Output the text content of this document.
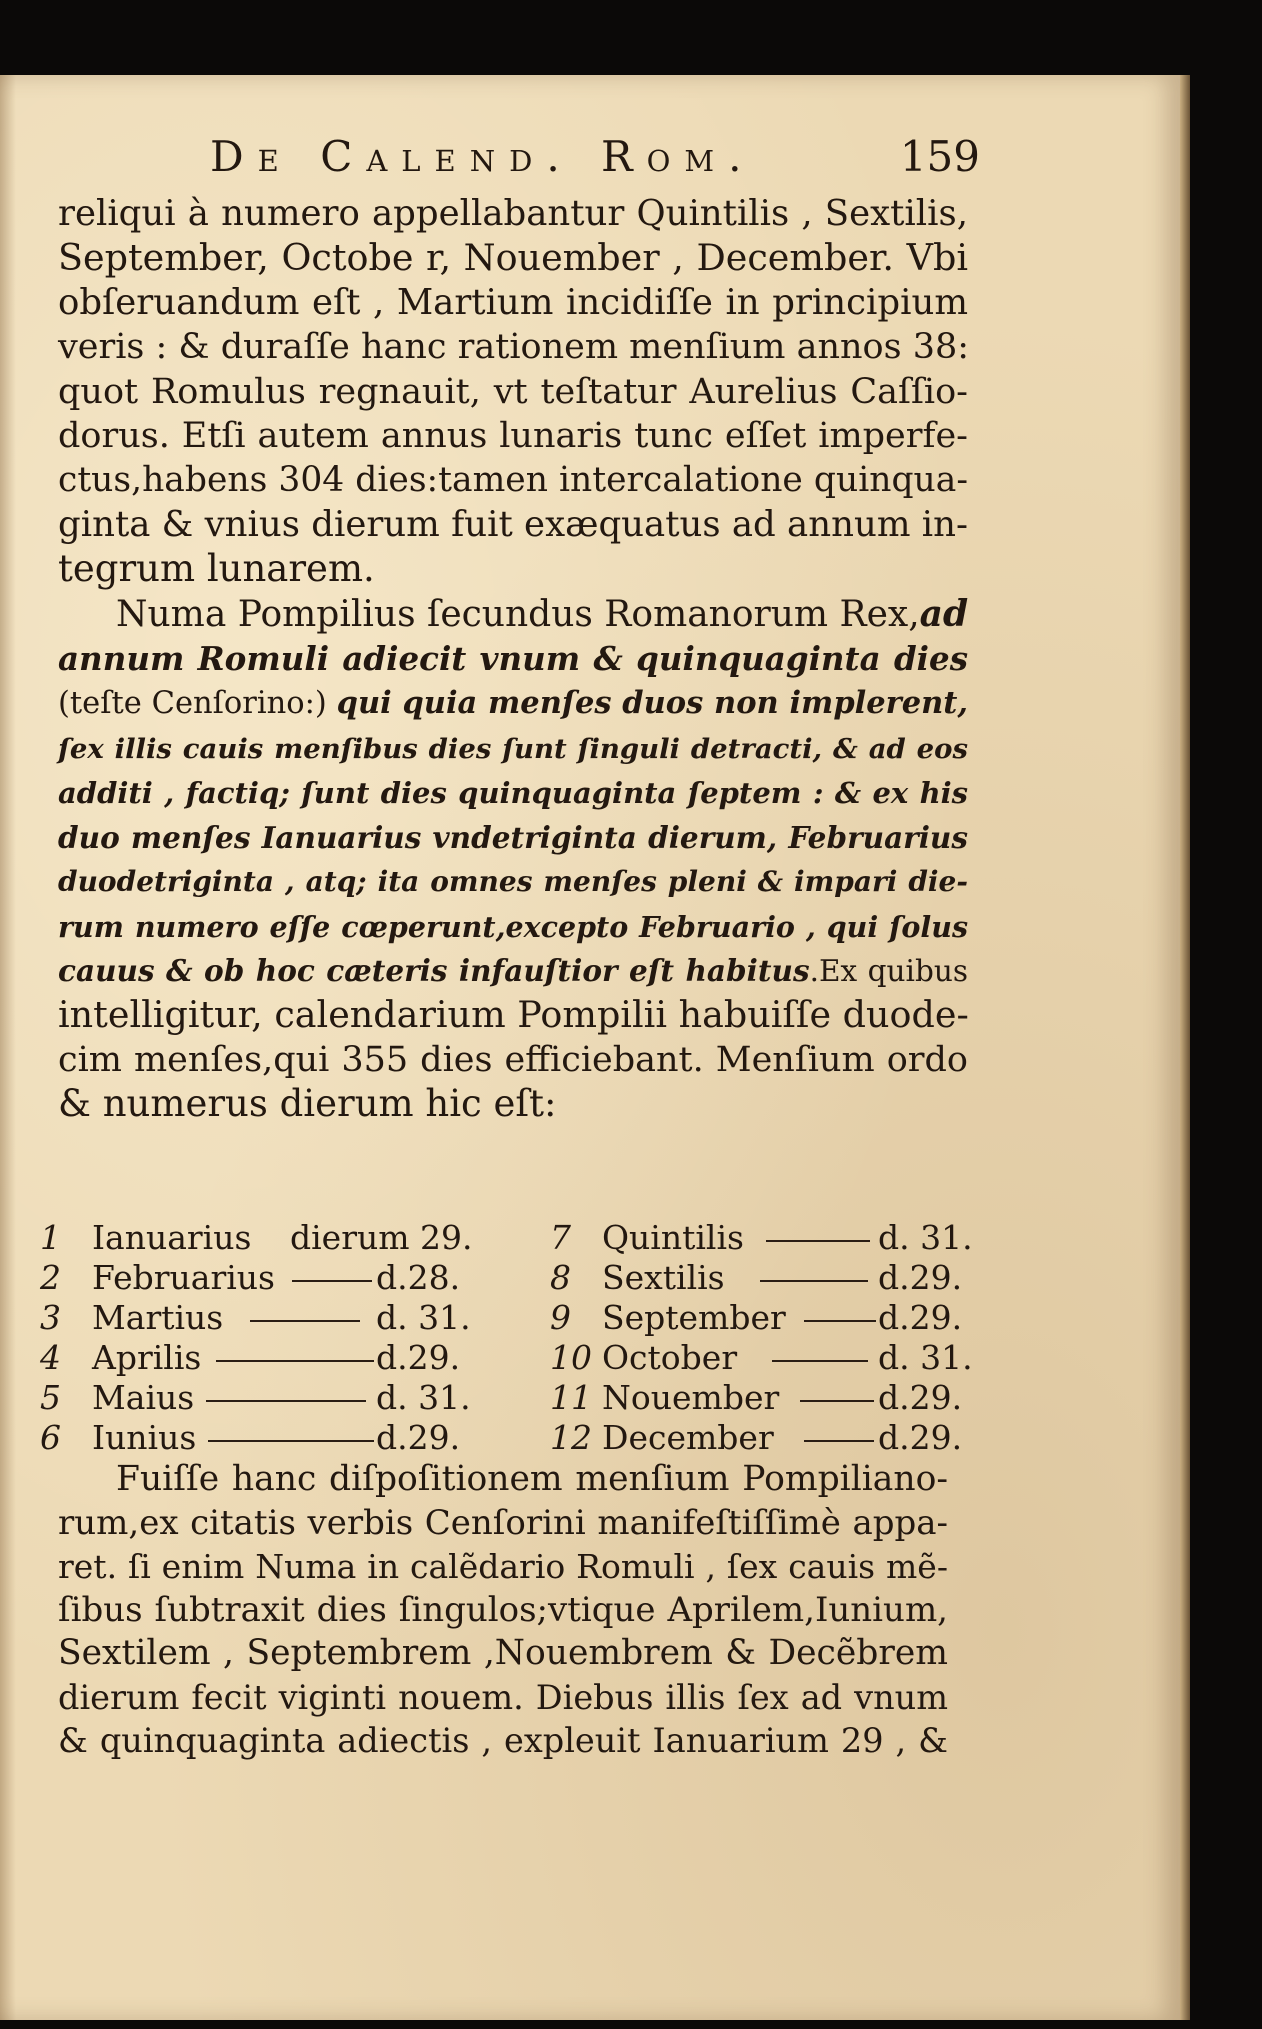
De Calend. Rom.	159
reliqui à numero appellabantur Quintilis , Sextilis,
September, Octobe r, Nouember , December. Vbi
obſeruandum eſt , Martium incidiſſe in principium
veris : & duraſſe hanc rationem menſium annos 38:
quot Romulus regnauit, vt teſtatur Aurelius Caſſio-
dorus. Etſi autem annus lunaris tunc eſſet imperfe-
ctus,habens 304 dies:tamen intercalatione quinqua-
ginta & vnius dierum fuit exæquatus ad annum in-
tegrum lunarem.
Numa Pompilius ſecundus Romanorum Rex,ad
annum Romuli adiecit vnum & quinquaginta dies
(teſte Cenſorino:) qui quia menſes duos non implerent,
ſex illis cauis menſibus dies ſunt ſinguli detracti, & ad eos
additi , factiq; ſunt dies quinquaginta ſeptem : & ex his
duo menſes Ianuarius vndetriginta dierum, Februarius
duodetriginta , atq; ita omnes menſes pleni & impari die-
rum numero eſſe cœperunt,excepto Februario , qui ſolus
cauus & ob hoc cæteris infauſtior eſt habitus.Ex quibus
intelligitur, calendarium Pompilii habuiſſe duode-
cim menſes,qui 355 dies efficiebant. Menſium ordo
& numerus dierum hic eſt:
1 Ianuarius dierum 29.
2 Februarius	d.28.
3 Martius	d. 31.
4 Aprilis	d.29.
5 Maius	d. 31.
6 Iunius	d.29.
7 Quintilis	d. 31.
8 Sextilis	d.29.
9 September	d.29.
10 October	d. 31.
11 Nouember	d.29.
12 December	d.29.
Fuiſſe hanc diſpoſitionem menſium Pompiliano-
rum,ex citatis verbis Cenſorini manifeſtiſſimè appa-
ret. ſi enim Numa in calẽdario Romuli , ſex cauis mẽ-
ſibus ſubtraxit dies ſingulos;vtique Aprilem,Iunium,
Sextilem , Septembrem ,Nouembrem & Decẽbrem
dierum fecit viginti nouem. Diebus illis ſex ad vnum
& quinquaginta adiectis , expleuit Ianuarium 29 , &
